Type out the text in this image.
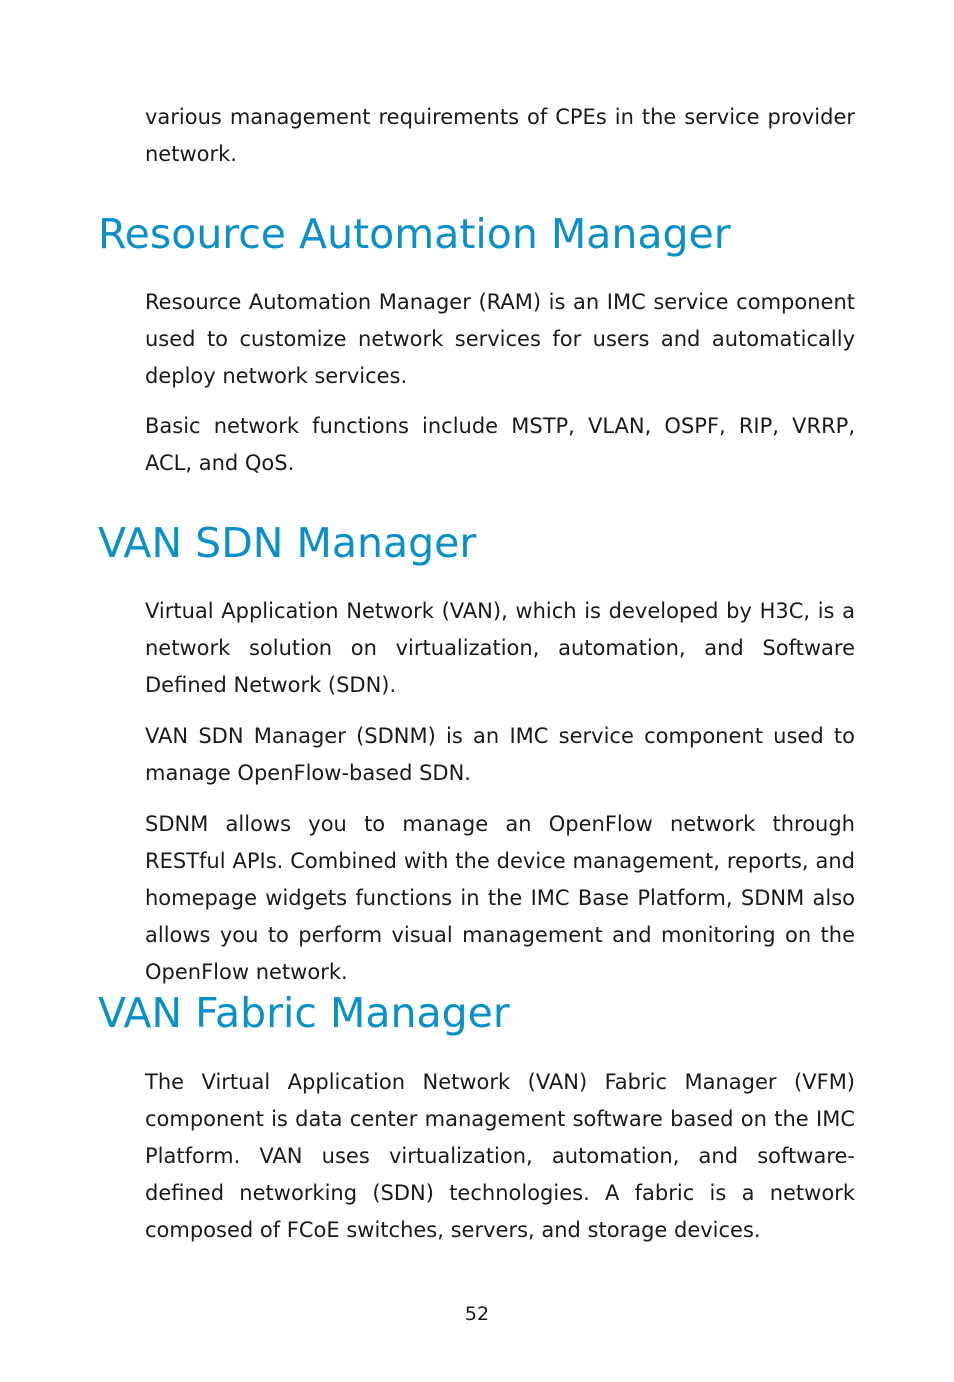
various management requirements of CPEs in the service provider network.

Resource Automation Manager

Resource Automation Manager (RAM) is an IMC service component used to customize network services for users and automatically deploy network services.

Basic network functions include MSTP, VLAN, OSPF, RIP, VRRP, ACL, and QoS.

VAN SDN Manager

Virtual Application Network (VAN), which is developed by H3C, is a network solution on virtualization, automation, and Software Defined Network (SDN).

VAN SDN Manager (SDNM) is an IMC service component used to manage OpenFlow-based SDN.

SDNM allows you to manage an OpenFlow network through RESTful APIs. Combined with the device management, reports, and homepage widgets functions in the IMC Base Platform, SDNM also allows you to perform visual management and monitoring on the OpenFlow network.

VAN Fabric Manager

The Virtual Application Network (VAN) Fabric Manager (VFM) component is data center management software based on the IMC Platform. VAN uses virtualization, automation, and software-defined networking (SDN) technologies. A fabric is a network composed of FCoE switches, servers, and storage devices.

52
